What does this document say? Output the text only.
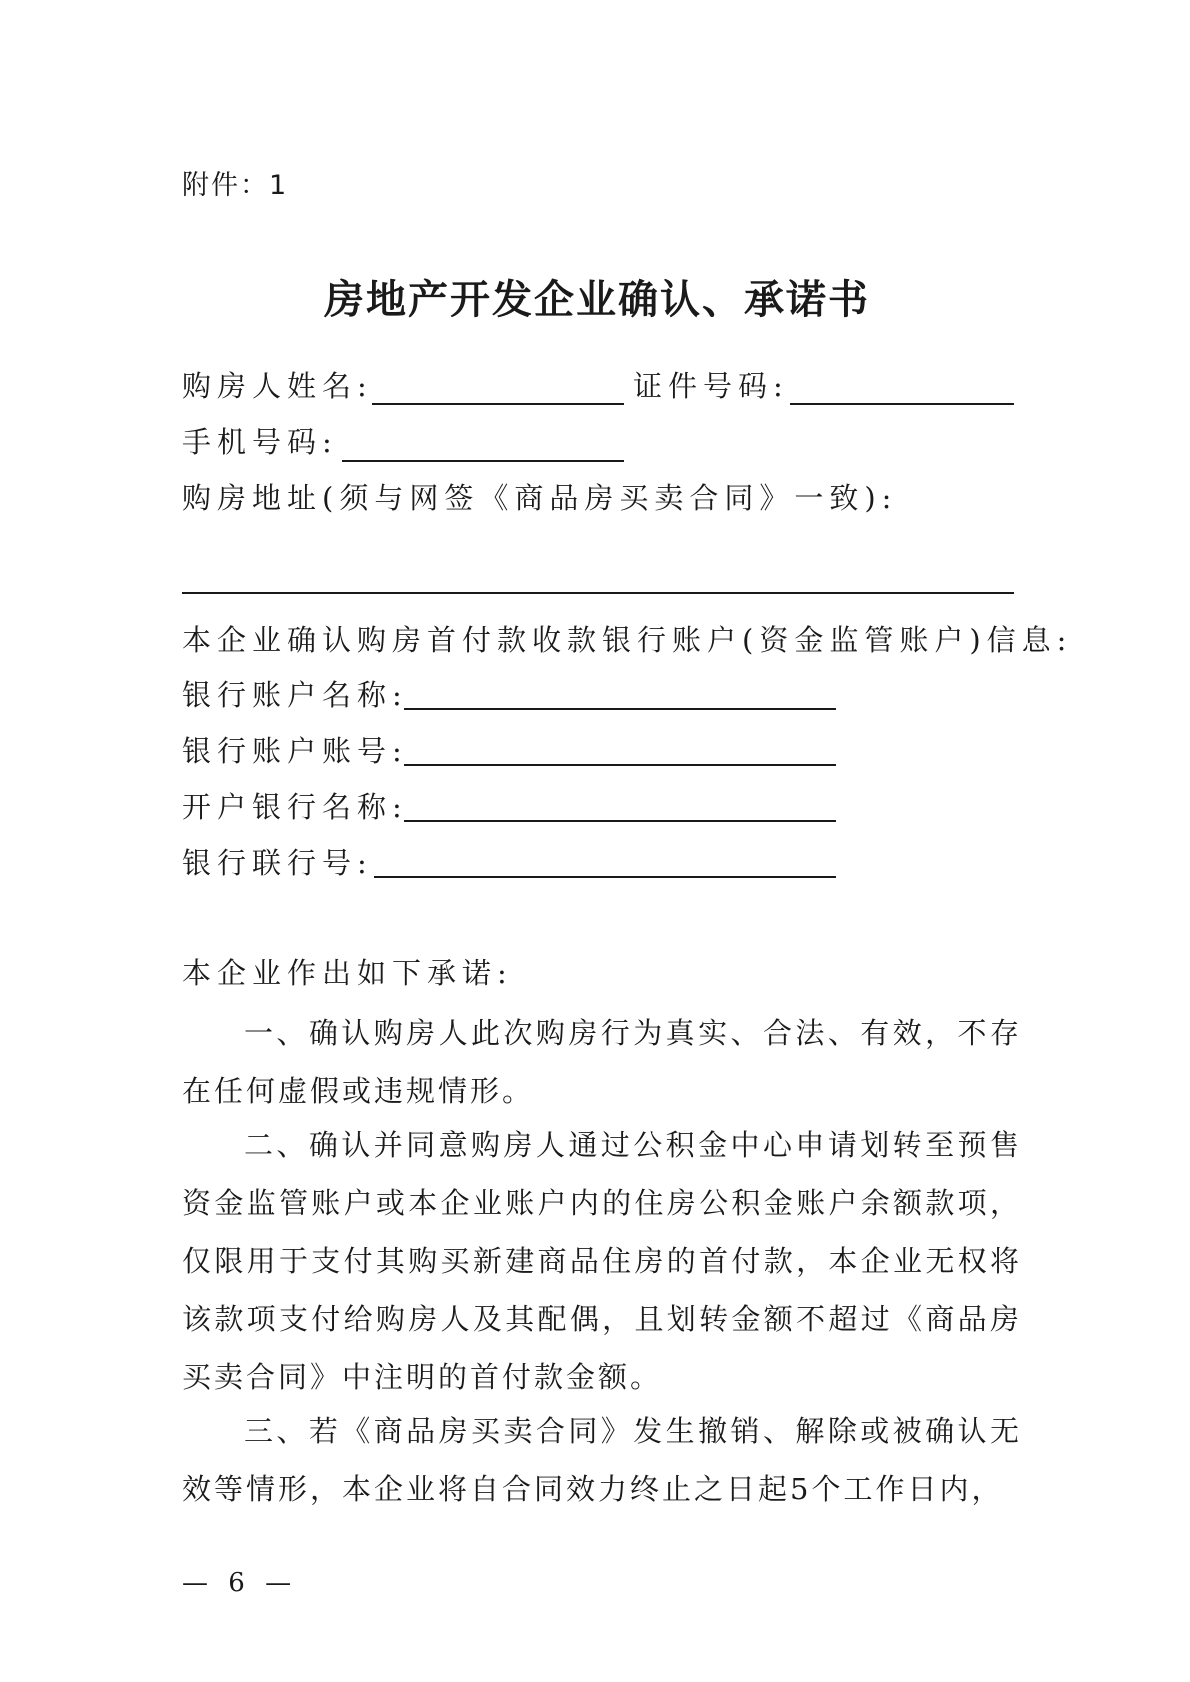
附件：1
房地产开发企业确认、承诺书
购房人姓名:	证件号码:
手机号码:
购房地址(须与网签《商品房买卖合同》一致):
本企业确认购房首付款收款银行账户(资金监管账户)信息:
银行账户名称:
银行账户账号:
开户银行名称:
银行联行号:
本企业作出如下承诺:
一、确认购房人此次购房行为真实、合法、有效，不存在任何虚假或违规情形。
二、确认并同意购房人通过公积金中心申请划转至预售资金监管账户或本企业账户内的住房公积金账户余额款项，仅限用于支付其购买新建商品住房的首付款，本企业无权将该款项支付给购房人及其配偶，且划转金额不超过《商品房买卖合同》中注明的首付款金额。
三、若《商品房买卖合同》发生撤销、解除或被确认无效等情形，本企业将自合同效力终止之日起5个工作日内，
— 6 —
